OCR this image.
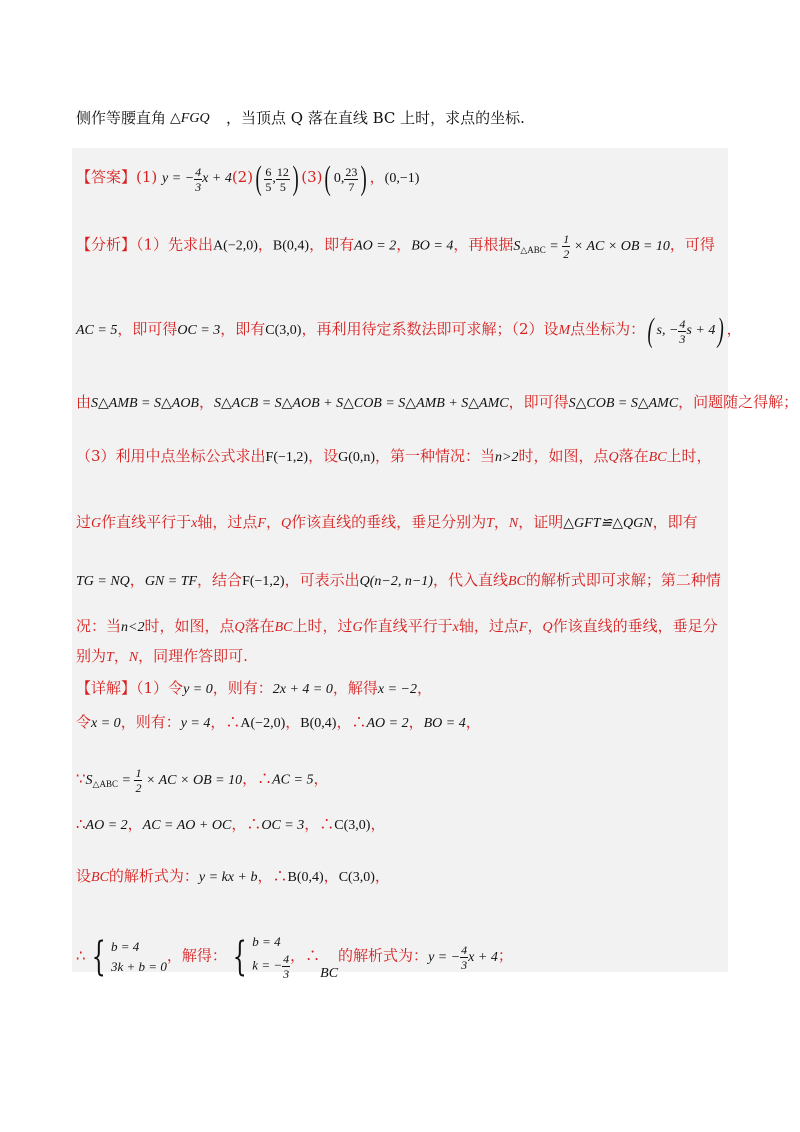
侧作等腰直角 △FGQ ，当顶点 Q 落在直线 BC 上时，求点的坐标.
【答案】(1) y = − $\frac{4}{3}$ $x + 4(2)( \frac{6}{5}$ , $\frac{12}{5}$ ) (3)( 0, $\frac{23}{7}$ ) ，(0,−1)
【分析】（1）先求出A(−2,0)，B(0,4)，即有AO = 2，BO = 4，再根据$S_{\triangle ABC} = \frac{1}{2}$ × AC × OB = 10，可得
AC = 5，即可得OC = 3，即有C(3,0)，再利用待定系数法即可求解；（2）设M点坐标为：( s, − $\frac{4}{3}$ s + 4) ，
由S△AMB = S△AOB，S△ACB = S△AOB + S△COB = S△AMB + S△AMC，即可得S△COB = S△AMC，问题随之得解；
（3）利用中点坐标公式求出F(−1,2)，设G(0,n)，第一种情况：当n>2时，如图，点Q落在BC上时，
过G作直线平行于x轴，过点F，Q作该直线的垂线，垂足分别为T，N，证明△GFT≌△QGN，即有
TG = NQ，GN = TF，结合F(−1,2)，可表示出Q(n−2, n−1)，代入直线BC的解析式即可求解；第二种情
况：当n<2时，如图，点Q落在BC上时，过G作直线平行于x轴，过点F，Q作该直线的垂线，垂足分
别为T，N，同理作答即可.
【详解】（1）令y = 0，则有：2x + 4 = 0，解得x = −2，
令x = 0，则有：y = 4，∴A(−2,0)，B(0,4)，∴AO = 2，BO = 4，
$\because S_{\triangle ABC} = \frac{1}{2}$ × AC × OB = 10，∴AC = 5，
∴AO = 2，AC = AO + OC，∴OC = 3，∴C(3,0)，
设BC的解析式为：y = kx + b，∴B(0,4)，C(3,0)，
∴ { b = 4
3k + b = 0
，解得： { b = 4
k = − $\frac{4}{3}$ ，∴BC的解析式为：y = − $\frac{4}{3}$ x + 4；
